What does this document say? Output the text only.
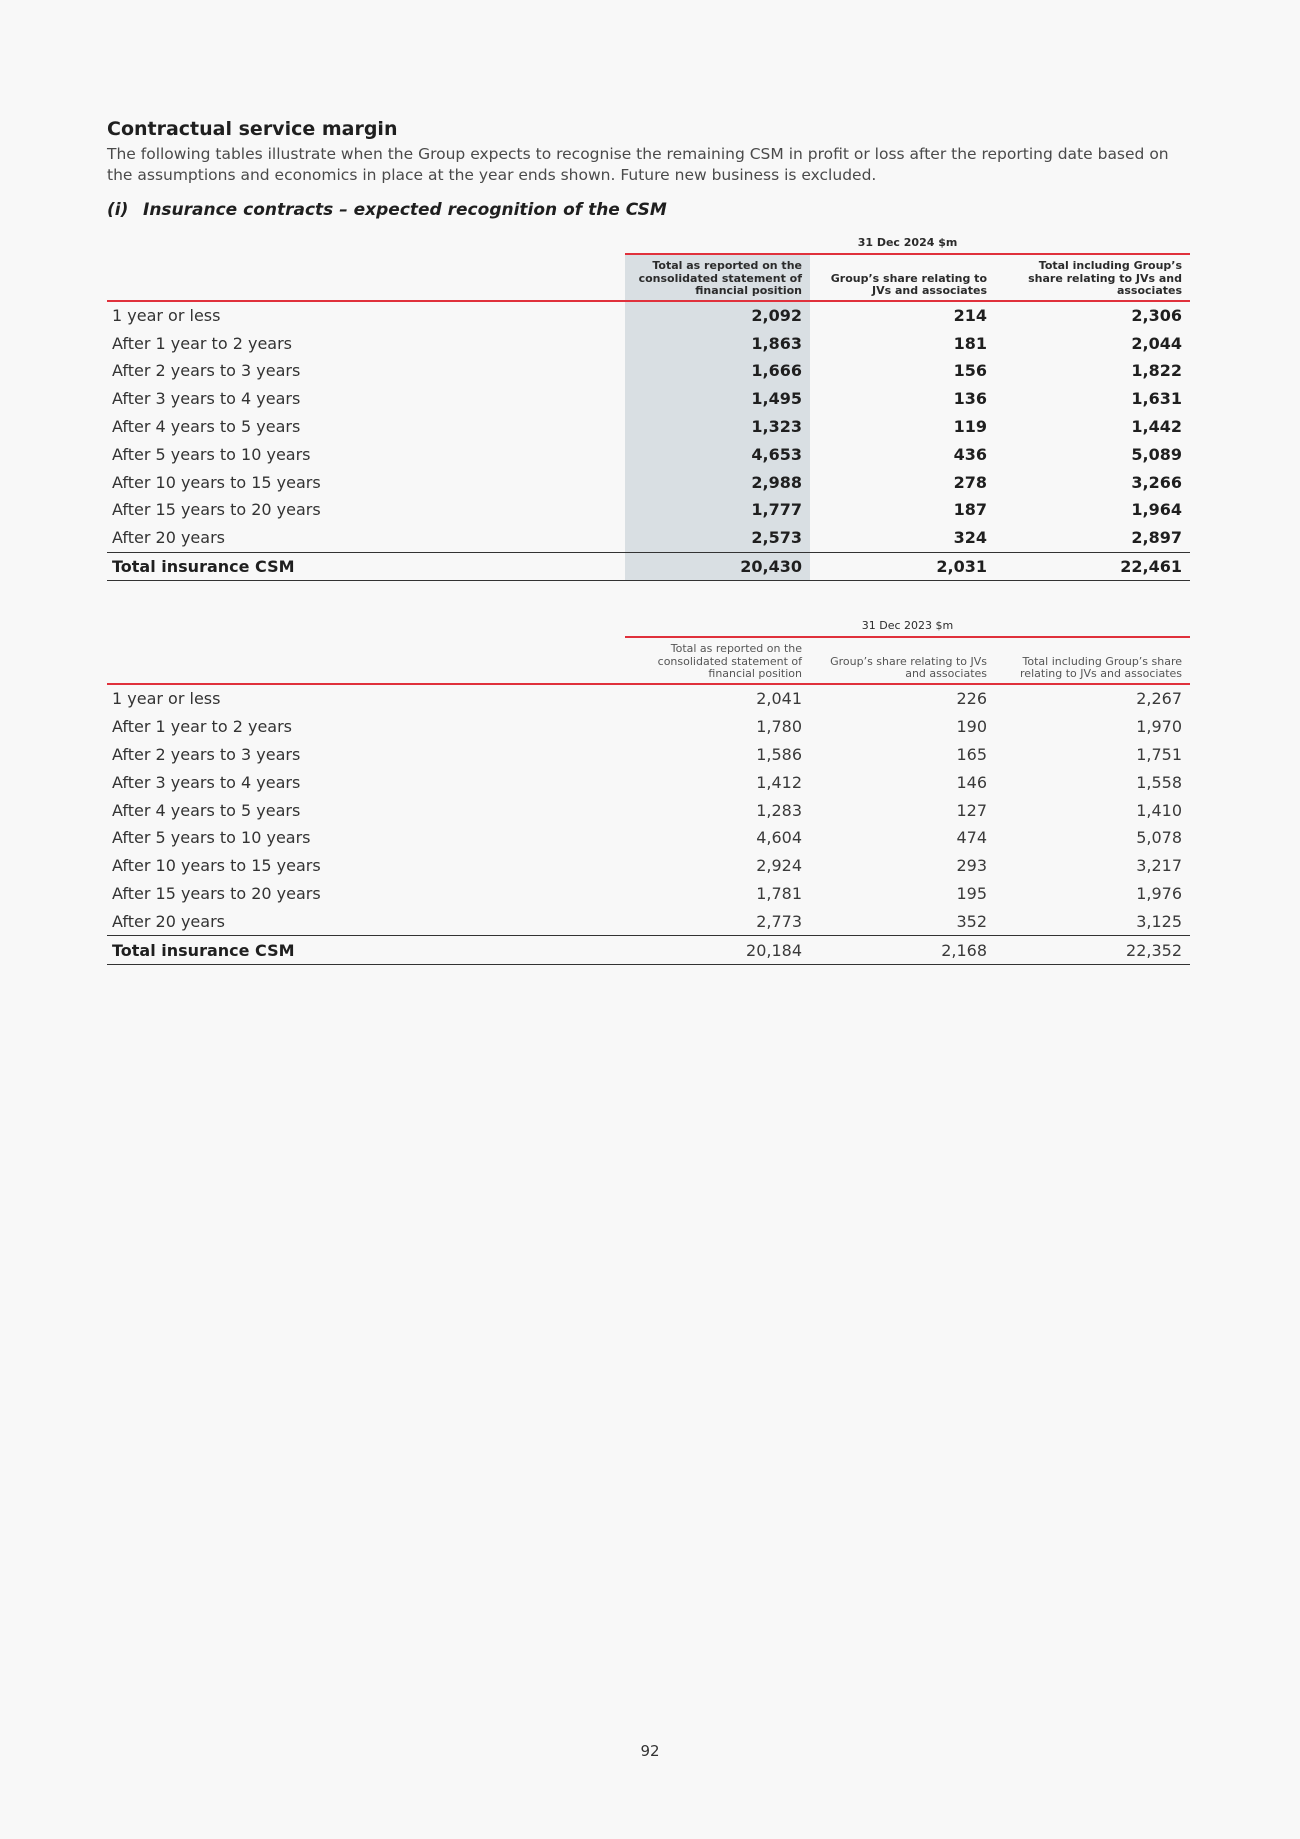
Contractual service margin

The following tables illustrate when the Group expects to recognise the remaining CSM in profit or loss after the reporting date based on the assumptions and economics in place at the year ends shown. Future new business is excluded.

(i) Insurance contracts – expected recognition of the CSM
	31 Dec 2024 $m		
	Total as reported on the consolidated statement of financial position	Group’s share relating to JVs and associates	Total including Group’s share relating to JVs and associates
1 year or less	2,092	214	2,306
After 1 year to 2 years	1,863	181	2,044
After 2 years to 3 years	1,666	156	1,822
After 3 years to 4 years	1,495	136	1,631
After 4 years to 5 years	1,323	119	1,442
After 5 years to 10 years	4,653	436	5,089
After 10 years to 15 years	2,988	278	3,266
After 15 years to 20 years	1,777	187	1,964
After 20 years	2,573	324	2,897
Total insurance CSM	20,430	2,031	22,461
	31 Dec 2023 $m		
	Total as reported on the consolidated statement of financial position	Group’s share relating to JVs and associates	Total including Group’s share relating to JVs and associates
1 year or less	2,041	226	2,267
After 1 year to 2 years	1,780	190	1,970
After 2 years to 3 years	1,586	165	1,751
After 3 years to 4 years	1,412	146	1,558
After 4 years to 5 years	1,283	127	1,410
After 5 years to 10 years	4,604	474	5,078
After 10 years to 15 years	2,924	293	3,217
After 15 years to 20 years	1,781	195	1,976
After 20 years	2,773	352	3,125
Total insurance CSM	20,184	2,168	22,352
92
